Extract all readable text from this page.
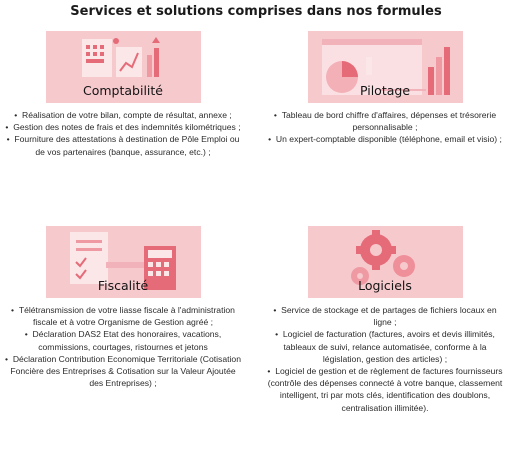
Services et solutions comprises dans nos formules
Comptabilité
•  Réalisation de votre bilan, compte de résultat, annexe ;
•  Gestion des notes de frais et des indemnités kilométriques ;
•  Fourniture des attestations à destination de Pôle Emploi ou de vos partenaires (banque, assurance, etc.) ;
Pilotage
•  Tableau de bord chiffre d'affaires, dépenses et trésorerie personnalisable ;
•  Un expert-comptable disponible (téléphone, email et visio) ;
Fiscalité
•  Télétransmission de votre liasse fiscale à l'administration fiscale et à votre Organisme de Gestion agréé ;
•  Déclaration DAS2 Etat des honoraires, vacations, commissions, courtages, ristournes et jetons
•  Déclaration Contribution Economique Territoriale (Cotisation Foncière des Entreprises & Cotisation sur la Valeur Ajoutée des Entreprises) ;
Logiciels
•  Service de stockage et de partages de fichiers locaux en ligne ;
•  Logiciel de facturation (factures, avoirs et devis illimités, tableaux de suivi, relance automatisée, conforme à la législation, gestion des articles) ;
•  Logiciel de gestion et de règlement de factures fournisseurs (contrôle des dépenses connecté à votre banque, classement intelligent, tri par mots clés, identification des doublons, centralisation illimitée).
